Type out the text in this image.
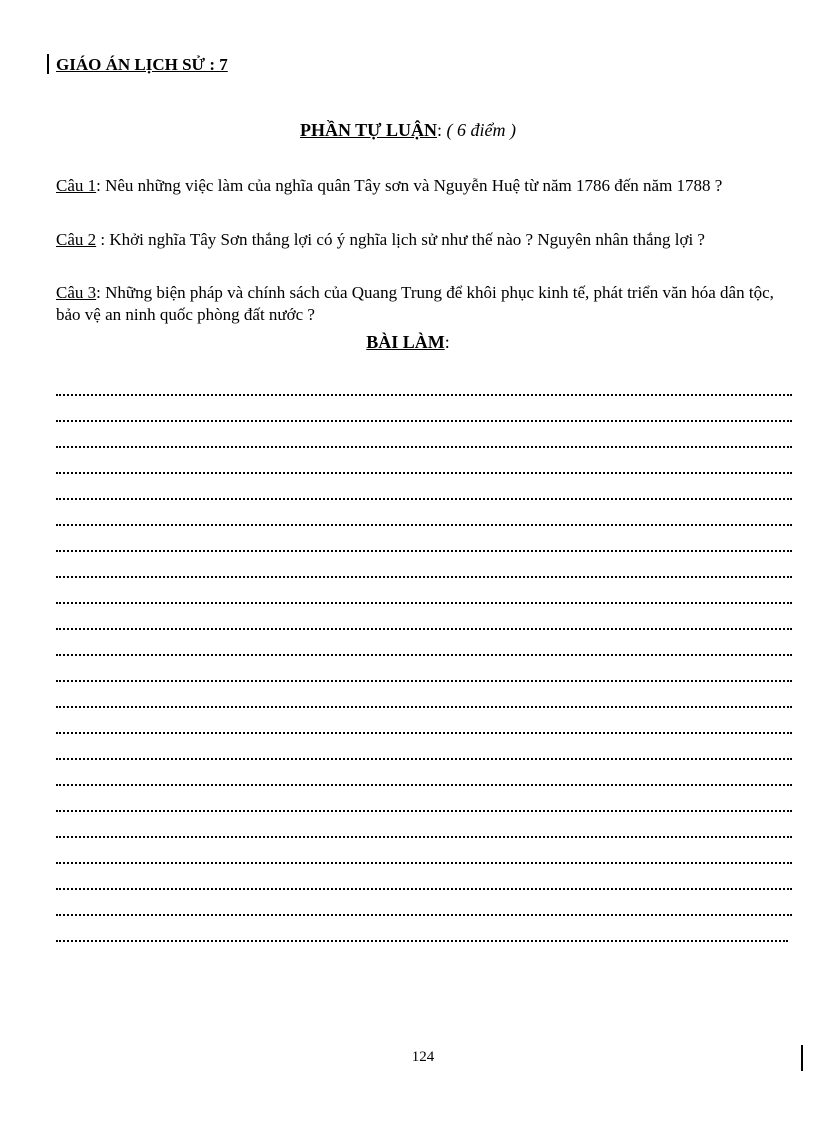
GIÁO ÁN LỊCH SỬ : 7
PHẦN TỰ LUẬN: ( 6 điểm )
Câu 1: Nêu những việc làm của nghĩa quân Tây sơn và Nguyễn Huệ từ năm 1786 đến năm 1788 ?
Câu 2 : Khởi nghĩa Tây Sơn thắng lợi có ý nghĩa lịch sử như thế nào ? Nguyên nhân thắng lợi ?
Câu 3: Những biện pháp và chính sách của Quang Trung để khôi phục kinh tế, phát triển văn hóa dân tộc, bảo vệ an ninh quốc phòng đất nước ?
BÀI LÀM:
124
